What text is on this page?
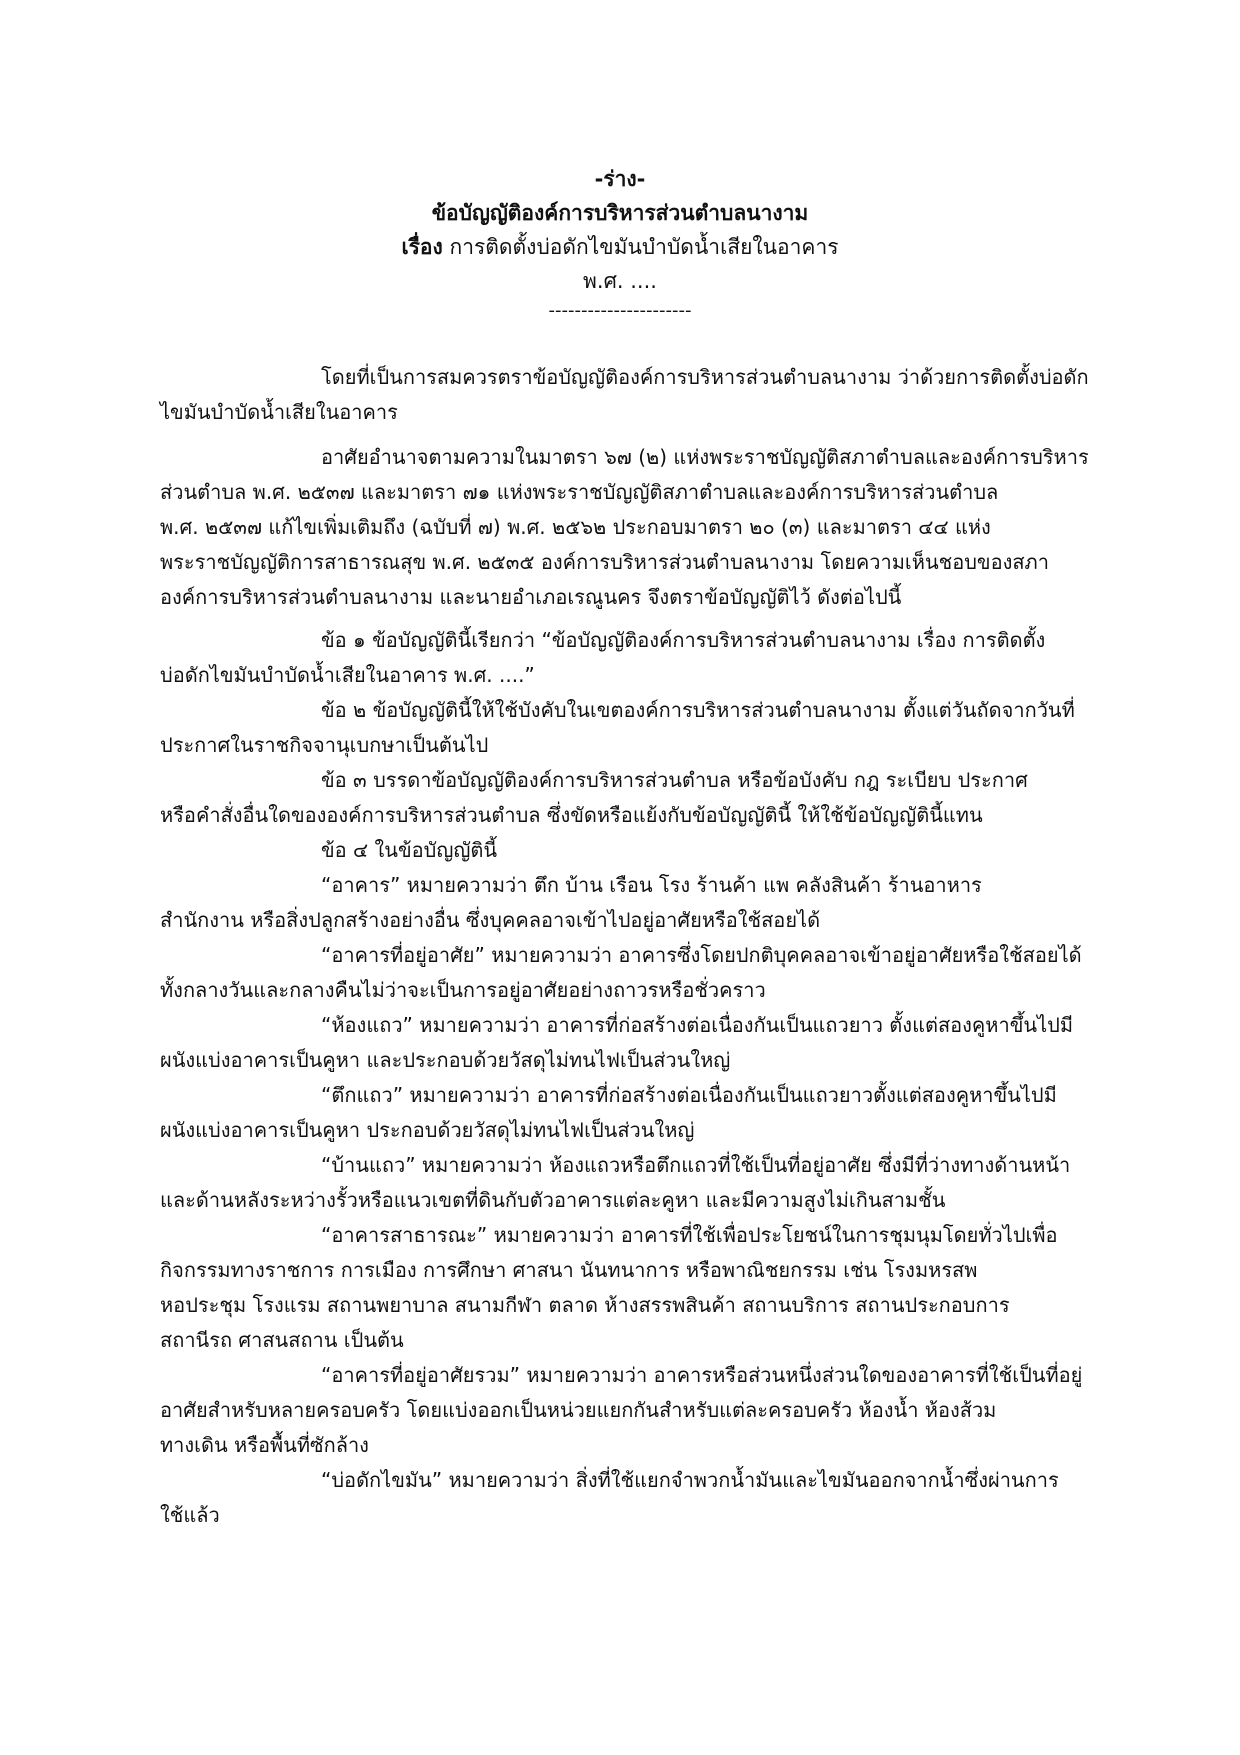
-ร่าง-
ข้อบัญญัติองค์การบริหารส่วนตำบลนางาม
เรื่อง การติดตั้งบ่อดักไขมันบำบัดน้ำเสียในอาคาร
พ.ศ. ....
----------------------
โดยที่เป็นการสมควรตราข้อบัญญัติองค์การบริหารส่วนตำบลนางาม ว่าด้วยการติดตั้งบ่อดัก
ไขมันบำบัดน้ำเสียในอาคาร
อาศัยอำนาจตามความในมาตรา ๖๗ (๒) แห่งพระราชบัญญัติสภาตำบลและองค์การบริหาร
ส่วนตำบล พ.ศ. ๒๕๓๗ และมาตรา ๗๑ แห่งพระราชบัญญัติสภาตำบลและองค์การบริหารส่วนตำบล
พ.ศ. ๒๕๓๗ แก้ไขเพิ่มเติมถึง (ฉบับที่ ๗) พ.ศ. ๒๕๖๒ ประกอบมาตรา ๒๐ (๓) และมาตรา ๔๔ แห่ง
พระราชบัญญัติการสาธารณสุข พ.ศ. ๒๕๓๕ องค์การบริหารส่วนตำบลนางาม โดยความเห็นชอบของสภา
องค์การบริหารส่วนตำบลนางาม และนายอำเภอเรณูนคร จึงตราข้อบัญญัติไว้ ดังต่อไปนี้
ข้อ ๑ ข้อบัญญัตินี้เรียกว่า “ข้อบัญญัติองค์การบริหารส่วนตำบลนางาม เรื่อง การติดตั้ง
บ่อดักไขมันบำบัดน้ำเสียในอาคาร พ.ศ. ....”
ข้อ ๒ ข้อบัญญัตินี้ให้ใช้บังคับในเขตองค์การบริหารส่วนตำบลนางาม ตั้งแต่วันถัดจากวันที่
ประกาศในราชกิจจานุเบกษาเป็นต้นไป
ข้อ ๓ บรรดาข้อบัญญัติองค์การบริหารส่วนตำบล หรือข้อบังคับ กฎ ระเบียบ ประกาศ
หรือคำสั่งอื่นใดขององค์การบริหารส่วนตำบล ซึ่งขัดหรือแย้งกับข้อบัญญัตินี้ ให้ใช้ข้อบัญญัตินี้แทน
ข้อ ๔ ในข้อบัญญัตินี้
“อาคาร” หมายความว่า ตึก บ้าน เรือน โรง ร้านค้า แพ คลังสินค้า ร้านอาหาร
สำนักงาน หรือสิ่งปลูกสร้างอย่างอื่น ซึ่งบุคคลอาจเข้าไปอยู่อาศัยหรือใช้สอยได้
“อาคารที่อยู่อาศัย” หมายความว่า อาคารซึ่งโดยปกติบุคคลอาจเข้าอยู่อาศัยหรือใช้สอยได้
ทั้งกลางวันและกลางคืนไม่ว่าจะเป็นการอยู่อาศัยอย่างถาวรหรือชั่วคราว
“ห้องแถว” หมายความว่า อาคารที่ก่อสร้างต่อเนื่องกันเป็นแถวยาว ตั้งแต่สองคูหาขึ้นไปมี
ผนังแบ่งอาคารเป็นคูหา และประกอบด้วยวัสดุไม่ทนไฟเป็นส่วนใหญ่
“ตึกแถว” หมายความว่า อาคารที่ก่อสร้างต่อเนื่องกันเป็นแถวยาวตั้งแต่สองคูหาขึ้นไปมี
ผนังแบ่งอาคารเป็นคูหา ประกอบด้วยวัสดุไม่ทนไฟเป็นส่วนใหญ่
“บ้านแถว” หมายความว่า ห้องแถวหรือตึกแถวที่ใช้เป็นที่อยู่อาศัย ซึ่งมีที่ว่างทางด้านหน้า
และด้านหลังระหว่างรั้วหรือแนวเขตที่ดินกับตัวอาคารแต่ละคูหา และมีความสูงไม่เกินสามชั้น
“อาคารสาธารณะ” หมายความว่า อาคารที่ใช้เพื่อประโยชน์ในการชุมนุมโดยทั่วไปเพื่อ
กิจกรรมทางราชการ การเมือง การศึกษา ศาสนา นันทนาการ หรือพาณิชยกรรม เช่น โรงมหรสพ
หอประชุม โรงแรม สถานพยาบาล สนามกีฬา ตลาด ห้างสรรพสินค้า สถานบริการ สถานประกอบการ
สถานีรถ ศาสนสถาน เป็นต้น
“อาคารที่อยู่อาศัยรวม” หมายความว่า อาคารหรือส่วนหนึ่งส่วนใดของอาคารที่ใช้เป็นที่อยู่
อาศัยสำหรับหลายครอบครัว โดยแบ่งออกเป็นหน่วยแยกกันสำหรับแต่ละครอบครัว ห้องน้ำ ห้องส้วม
ทางเดิน หรือพื้นที่ซักล้าง
“บ่อดักไขมัน” หมายความว่า สิ่งที่ใช้แยกจำพวกน้ำมันและไขมันออกจากน้ำซึ่งผ่านการ
ใช้แล้ว
